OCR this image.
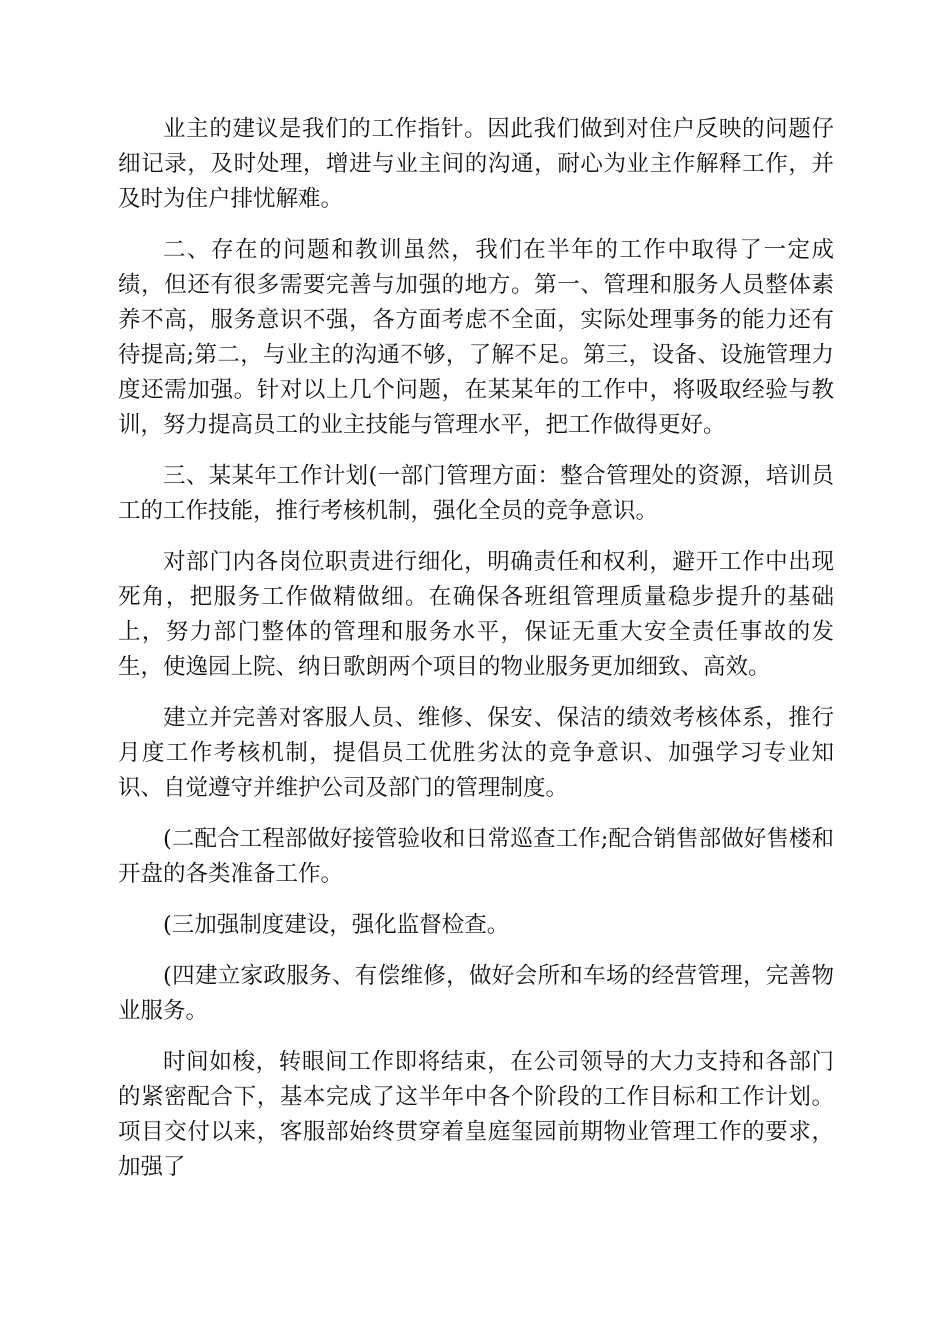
业主的建议是我们的工作指针。因此我们做到对住户反映的问题仔细记录，及时处理，增进与业主间的沟通，耐心为业主作解释工作，并及时为住户排忧解难。

二、存在的问题和教训虽然，我们在半年的工作中取得了一定成绩，但还有很多需要完善与加强的地方。第一、管理和服务人员整体素养不高，服务意识不强，各方面考虑不全面，实际处理事务的能力还有待提高;第二，与业主的沟通不够，了解不足。第三，设备、设施管理力度还需加强。针对以上几个问题，在某某年的工作中，将吸取经验与教训，努力提高员工的业主技能与管理水平，把工作做得更好。

三、某某年工作计划(一部门管理方面：整合管理处的资源，培训员工的工作技能，推行考核机制，强化全员的竞争意识。

对部门内各岗位职责进行细化，明确责任和权利，避开工作中出现死角，把服务工作做精做细。在确保各班组管理质量稳步提升的基础上，努力部门整体的管理和服务水平，保证无重大安全责任事故的发生，使逸园上院、纳日歌朗两个项目的物业服务更加细致、高效。

建立并完善对客服人员、维修、保安、保洁的绩效考核体系，推行月度工作考核机制，提倡员工优胜劣汰的竞争意识、加强学习专业知识、自觉遵守并维护公司及部门的管理制度。

(二配合工程部做好接管验收和日常巡查工作;配合销售部做好售楼和开盘的各类准备工作。

(三加强制度建设，强化监督检查。

(四建立家政服务、有偿维修，做好会所和车场的经营管理，完善物业服务。

时间如梭，转眼间工作即将结束，在公司领导的大力支持和各部门的紧密配合下，基本完成了这半年中各个阶段的工作目标和工作计划。项目交付以来，客服部始终贯穿着皇庭玺园前期物业管理工作的要求，加强了
